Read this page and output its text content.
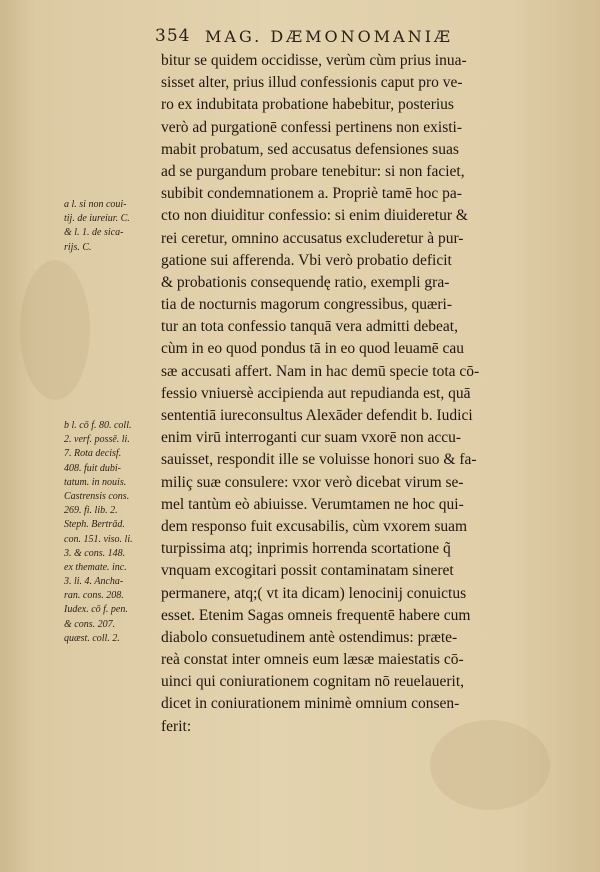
354 MAG. DÆMONOMANIÆ
bitur se quidem occidisse, verùm cùm prius inua-
sisset alter, prius illud confessionis caput pro ve-
ro ex indubitata probatione habebitur, posterius
verò ad purgationē confessi pertinens non existi-
mabit probatum, sed accusatus defensiones suas
ad se purgandum probare tenebitur: si non faciet,
subibit condemnationem a. Propriè tamē hoc pa-
cto non diuiditur confessio: si enim diuideretur &
rei ceretur, omnino accusatus excluderetur à pur-
gatione sui afferenda. Vbi verò probatio deficit
& probationis consequendę ratio, exempli gra-
tia de nocturnis magorum congressibus, quæri-
tur an tota confessio tanquā vera admitti debeat,
cùm in eo quod pondus tā in eo quod leuamē cau
sæ accusati affert. Nam in hac demū specie tota cō-
fessio vniuersè accipienda aut repudianda est, quā
sententiā iureconsultus Alexāder defendit b. Iudici
enim virū interroganti cur suam vxorē non accu-
sauisset, respondit ille se voluisse honori suo & fa-
miliç suæ consulere: vxor verò dicebat virum se-
mel tantùm eò abiuisse. Verumtamen ne hoc qui-
dem responso fuit excusabilis, cùm vxorem suam
turpissima atq; inprimis horrenda scortatione q̃
vnquam excogitari possit contaminatam sineret
permanere, atq;( vt ita dicam) lenocinij conuictus
esset. Etenim Sagas omneis frequentē habere cum
diabolo consuetudinem antè ostendimus: præte-
reà constat inter omneis eum læsæ maiestatis cō-
uinci qui coniurationem cognitam nō reuelauerit,
dicet in coniurationem minimè omnium consen-
ferit:
a l. si non coui-
tij. de iureiur. C.
& l. 1. de sica-
rijs. C.
b l. cō f. 80. coll.
2. verf. possē. li.
7. Rota decisf.
408. fuit dubi-
tatum. in nouis.
Castrensis cons.
269. fi. lib. 2.
Steph. Bertrād.
con. 151. viso. li.
3. & cons. 148.
ex themate. inc.
3. li. 4. Ancha-
ran. cons. 208.
Iudex. cō f. pen.
& cons. 207.
quæst. coll. 2.
